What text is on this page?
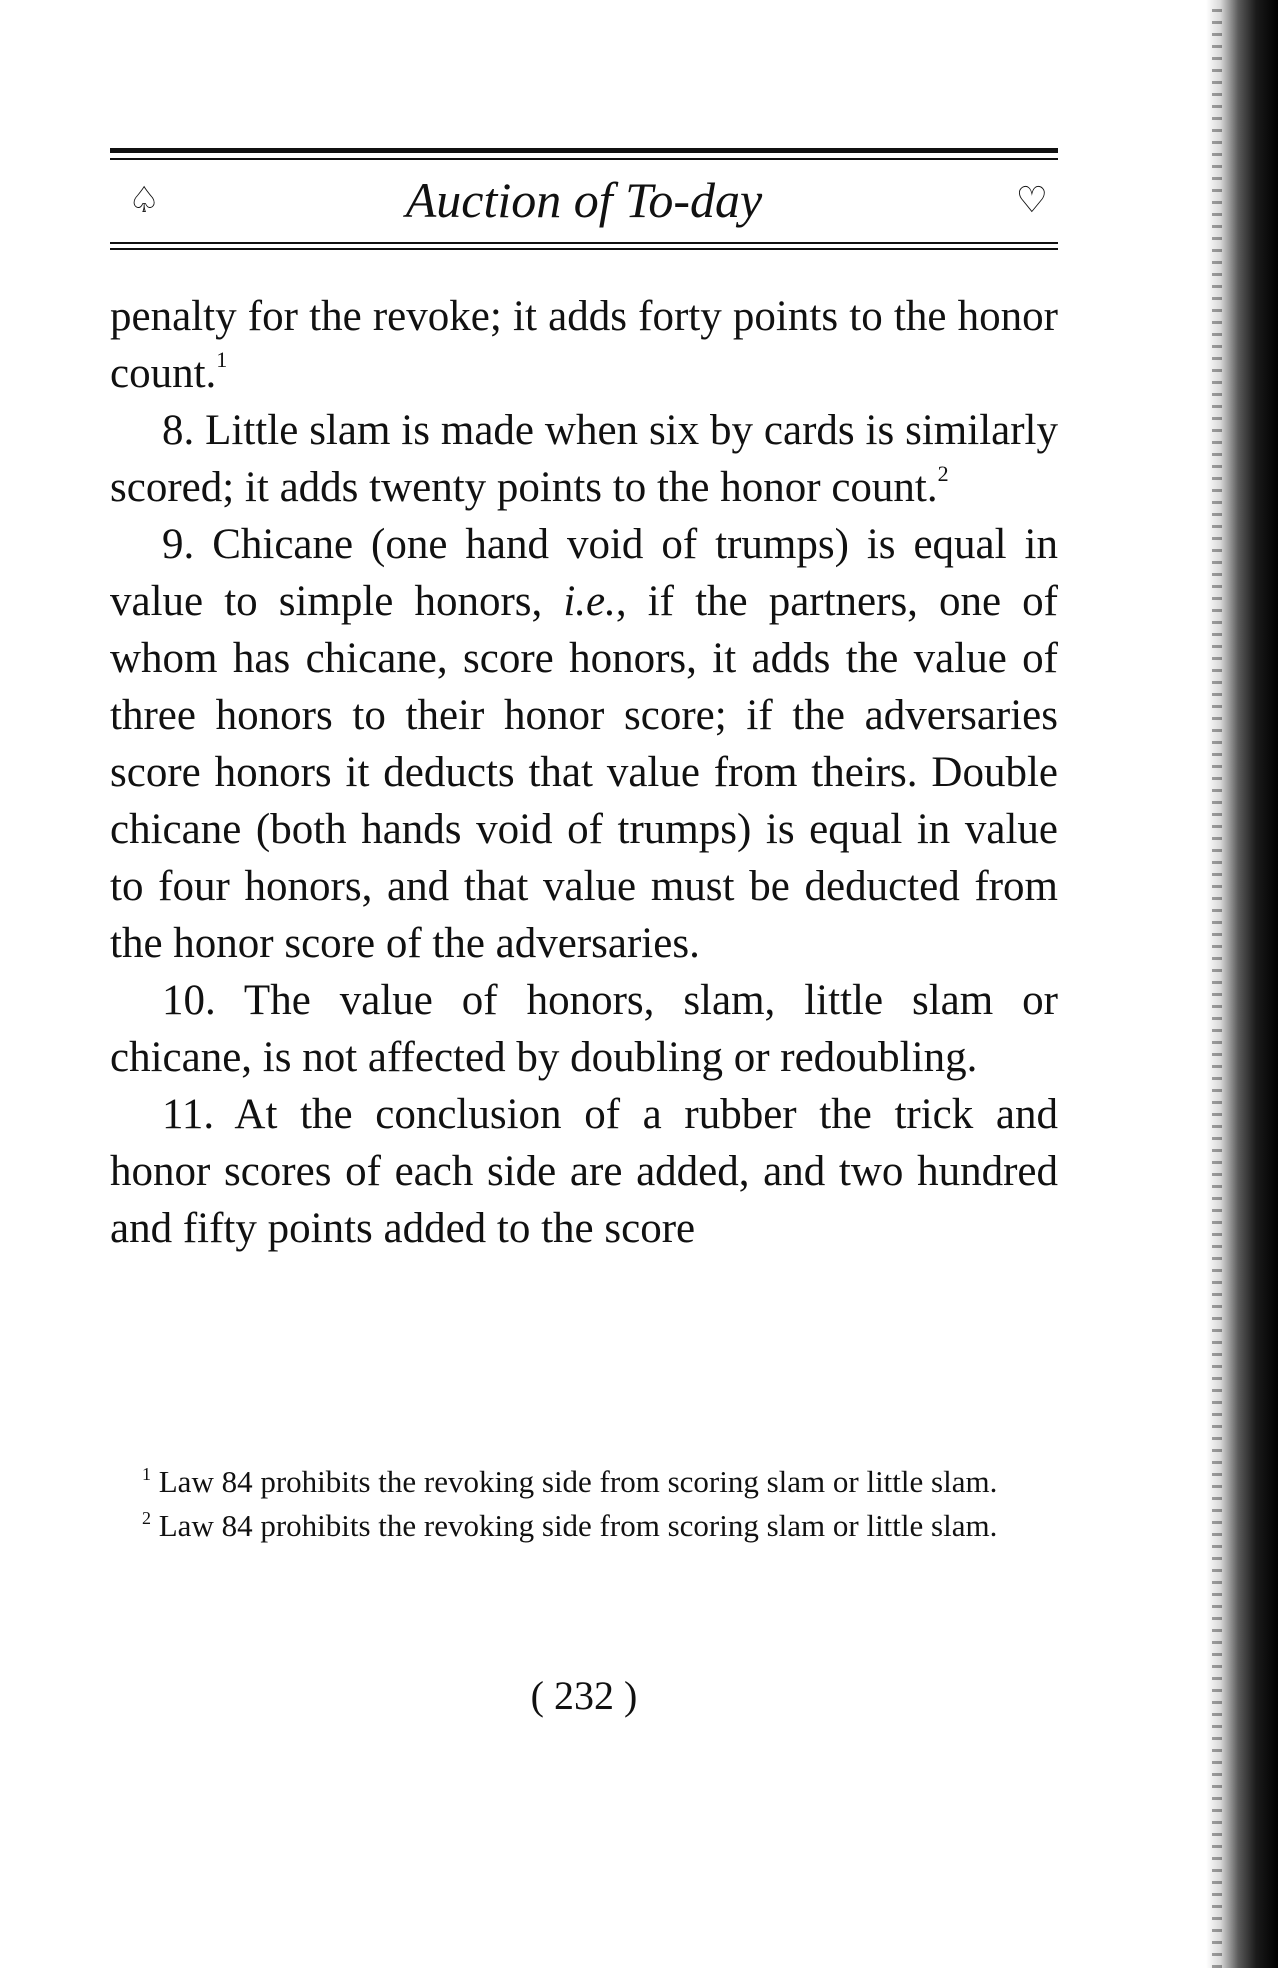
♤	Auction of To-day	♡

penalty for the revoke; it adds forty points to the honor count.$^1$

8. Little slam is made when six by cards is similarly scored; it adds twenty points to the honor count.$^2$

9. Chicane (one hand void of trumps) is equal in value to simple honors, i.e., if the partners, one of whom has chicane, score honors, it adds the value of three honors to their honor score; if the adversaries score honors it deducts that value from theirs. Double chicane (both hands void of trumps) is equal in value to four honors, and that value must be deducted from the honor score of the adversaries.

10. The value of honors, slam, little slam or chicane, is not affected by doubling or redoubling.

11. At the conclusion of a rubber the trick and honor scores of each side are added, and two hundred and fifty points added to the score

$^1$ Law 84 prohibits the revoking side from scoring slam or little slam.

$^2$ Law 84 prohibits the revoking side from scoring slam or little slam.

( 232 )
